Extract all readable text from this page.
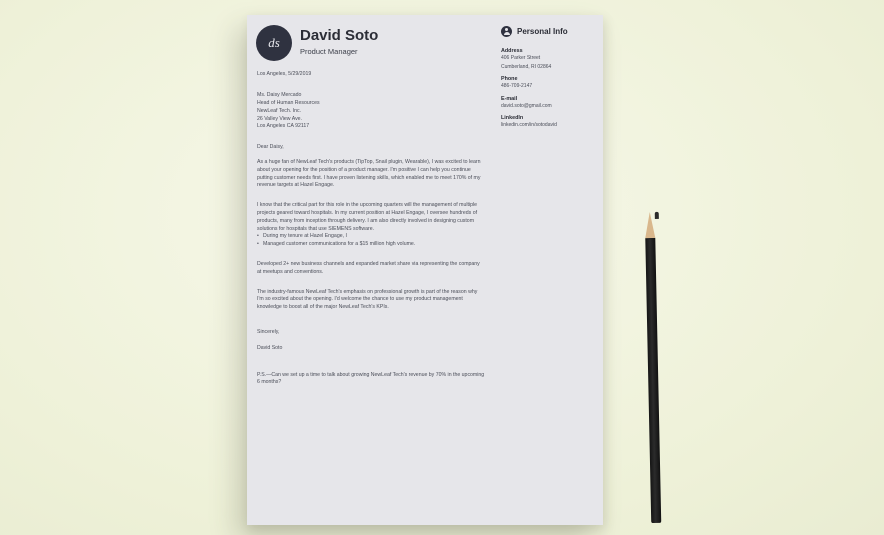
ds David Soto
Product Manager
Personal Info
Address
406 Parker Street
Cumberland, RI 02864
Phone
486-709-2147
E-mail
david.soto@gmail.com
LinkedIn
linkedin.com/in/sotodavid

Los Angeles, 5/29/2019

Ms. Daisy Mercado
Head of Human Resources
NewLeaf Tech. Inc.
26 Valley View Ave.
Los Angeles CA 92117

Dear Daisy,

As a huge fan of NewLeaf Tech's products (TipTop, Snail plugin, Wearable), I was excited to learn about your opening for the position of a product manager. I'm positive I can help you continue putting customer needs first. I have proven listening skills, which enabled me to meet 170% of my revenue targets at Hazel Engage.

I know that the critical part for this role in the upcoming quarters will the management of multiple projects geared toward hospitals. In my current position at Hazel Engage, I oversee hundreds of products, many from inception through delivery. I am also directly involved in designing custom solutions for hospitals that use SIEMENS software.

• During my tenure at Hazel Engage, I
• Managed customer communications for a $15 million high volume.

Developed 2+ new business channels and expanded market share via representing the company at meetups and conventions.

The industry-famous NewLeaf Tech's emphasis on professional growth is part of the reason why I'm so excited about the opening. I'd welcome the chance to use my product management knowledge to boost all of the major NewLeaf Tech's KPIs.

Sincerely,

David Soto

P.S.—Can we set up a time to talk about growing NewLeaf Tech's revenue by 70% in the upcoming 6 months?
